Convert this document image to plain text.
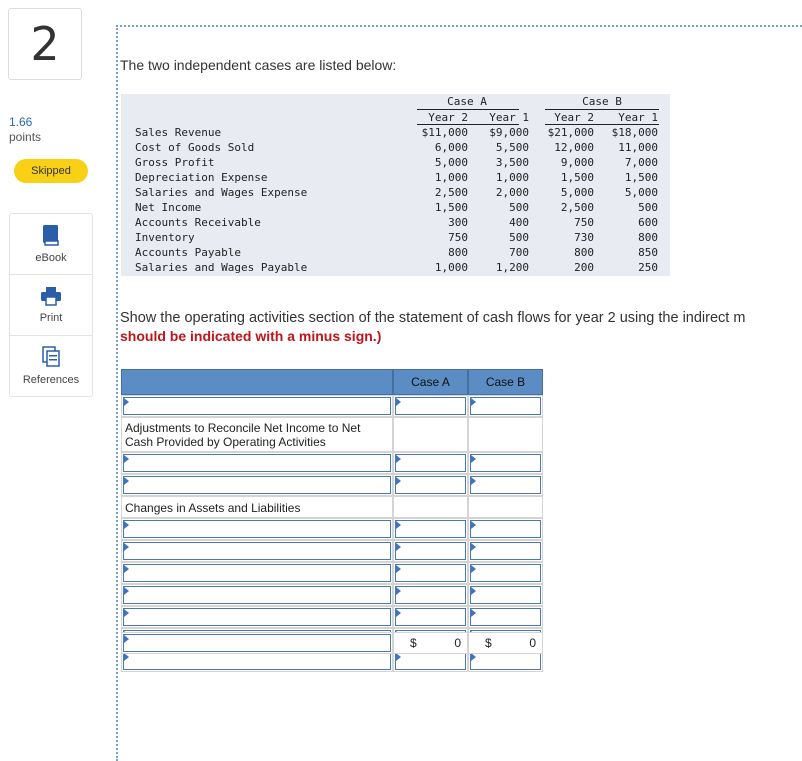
2
1.66
points
Skipped
eBook
Print
References
The two independent cases are listed below:
Case A	Case B
Year 2 Year 1 Year 2 Year 1
Sales Revenue	$11,000 $9,000 $21,000 $18,000
Cost of Goods Sold	6,000	5,500 12,000 11,000
Gross Profit	5,000	3,500	9,000	7,000
Depreciation Expense	1,000	1,000	1,500	1,500
Salaries and Wages Expense	2,500	2,000	5,000	5,000
Net Income	1,500	500	2,500	500
Accounts Receivable	300	400	750	600
Inventory	750	500	730	800
Accounts Payable	800	700	800	850
Salaries and Wages Payable	1,000	1,200	200	250
Show the operating activities section of the statement of cash flows for year 2 using the indirect m
should be indicated with a minus sign.)
Case A	Case B
Adjustments to Reconcile Net Income to Net Cash Provided by Operating Activities
Changes in Assets and Liabilities
$	0 $	0
